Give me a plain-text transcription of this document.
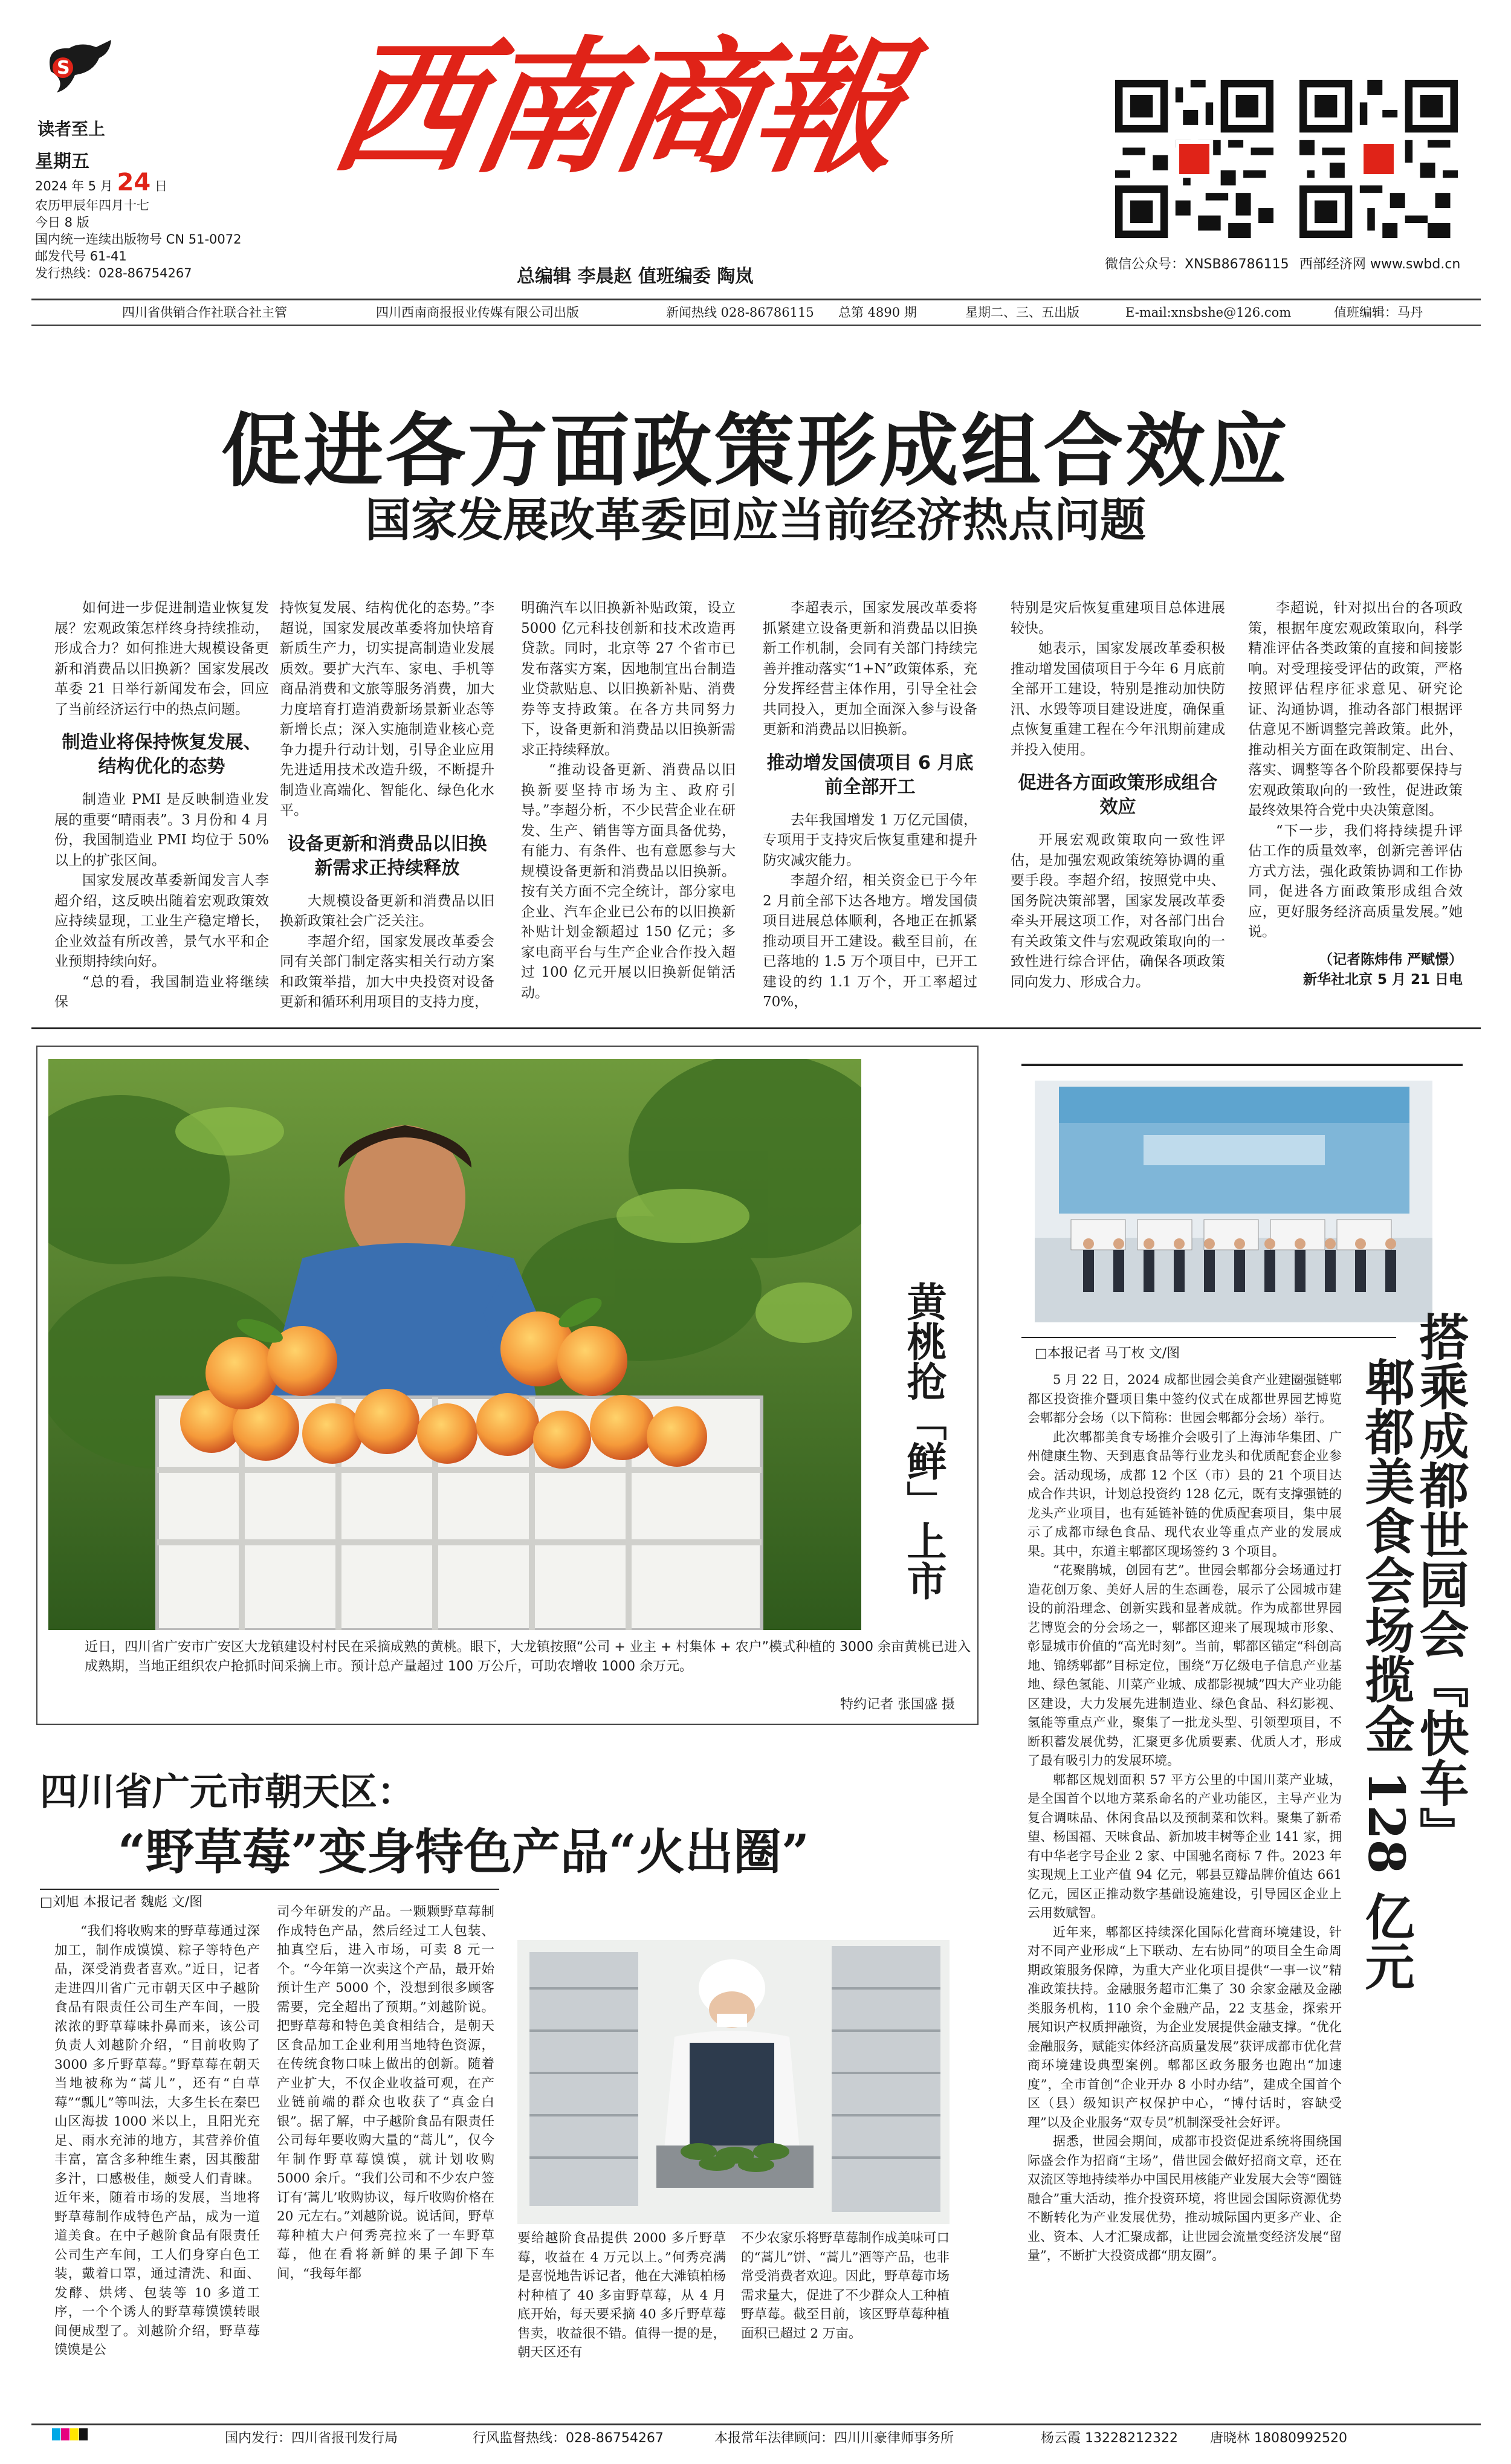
S
读者至上
星期五
2024 年 5 月 24 日
农历甲辰年四月十七
今日 8 版
国内统一连续出版物号 CN 51-0072
邮发代号 61-41
发行热线：028-86754267
西南商報
总编辑 李晨赵 值班编委 陶岚
微信公众号：XNSB86786115 西部经济网 www.swbd.cn
四川省供销合作社联合社主管	四川西南商报报业传媒有限公司出版	新闻热线 028-86786115 总第 4890 期	星期二、三、五出版	E-mail:xnsbshe@126.com	值班编辑：马丹
促进各方面政策形成组合效应
国家发展改革委回应当前经济热点问题

如何进一步促进制造业恢复发展？宏观政策怎样终身持续推动，形成合力？如何推进大规模设备更新和消费品以旧换新？国家发展改革委 21 日举行新闻发布会，回应了当前经济运行中的热点问题。

制造业将保持恢复发展、结构优化的态势

制造业 PMI 是反映制造业发展的重要“晴雨表”。3 月份和 4 月份，我国制造业 PMI 均位于 50% 以上的扩张区间。

国家发展改革委新闻发言人李超介绍，这反映出随着宏观政策效应持续显现，工业生产稳定增长，企业效益有所改善，景气水平和企业预期持续向好。

“总的看，我国制造业将继续保

持恢复发展、结构优化的态势。”李超说，国家发展改革委将加快培育新质生产力，切实提高制造业发展质效。要扩大汽车、家电、手机等商品消费和文旅等服务消费，加大力度培育打造消费新场景新业态等新增长点；深入实施制造业核心竞争力提升行动计划，引导企业应用先进适用技术改造升级，不断提升制造业高端化、智能化、绿色化水平。

设备更新和消费品以旧换新需求正持续释放

大规模设备更新和消费品以旧换新政策社会广泛关注。

李超介绍，国家发展改革委会同有关部门制定落实相关行动方案和政策举措，加大中央投资对设备更新和循环利用项目的支持力度，

明确汽车以旧换新补贴政策，设立 5000 亿元科技创新和技术改造再贷款。同时，北京等 27 个省市已发布落实方案，因地制宜出台制造业贷款贴息、以旧换新补贴、消费券等支持政策。在各方共同努力下，设备更新和消费品以旧换新需求正持续释放。

“推动设备更新、消费品以旧换新要坚持市场为主、政府引导。”李超分析，不少民营企业在研发、生产、销售等方面具备优势，有能力、有条件、也有意愿参与大规模设备更新和消费品以旧换新。按有关方面不完全统计，部分家电企业、汽车企业已公布的以旧换新补贴计划金额超过 150 亿元；多家电商平台与生产企业合作投入超过 100 亿元开展以旧换新促销活动。

李超表示，国家发展改革委将抓紧建立设备更新和消费品以旧换新工作机制，会同有关部门持续完善并推动落实“1+N”政策体系，充分发挥经营主体作用，引导全社会共同投入，更加全面深入参与设备更新和消费品以旧换新。

推动增发国债项目 6 月底前全部开工

去年我国增发 1 万亿元国债，专项用于支持灾后恢复重建和提升防灾减灾能力。

李超介绍，相关资金已于今年 2 月前全部下达各地方。增发国债项目进展总体顺利，各地正在抓紧推动项目开工建设。截至目前，在已落地的 1.5 万个项目中，已开工建设的约 1.1 万个，开工率超过 70%，

特别是灾后恢复重建项目总体进展较快。

她表示，国家发展改革委积极推动增发国债项目于今年 6 月底前全部开工建设，特别是推动加快防汛、水毁等项目建设进度，确保重点恢复重建工程在今年汛期前建成并投入使用。

促进各方面政策形成组合效应

开展宏观政策取向一致性评估，是加强宏观政策统筹协调的重要手段。李超介绍，按照党中央、国务院决策部署，国家发展改革委牵头开展这项工作，对各部门出台有关政策文件与宏观政策取向的一致性进行综合评估，确保各项政策同向发力、形成合力。

李超说，针对拟出台的各项政策，根据年度宏观政策取向，科学精准评估各类政策的直接和间接影响。对受理接受评估的政策，严格按照评估程序征求意见、研究论证、沟通协调，推动各部门根据评估意见不断调整完善政策。此外，推动相关方面在政策制定、出台、落实、调整等各个阶段都要保持与宏观政策取向的一致性，促进政策最终效果符合党中央决策意图。

“下一步，我们将持续提升评估工作的质量效率，创新完善评估方式方法，强化政策协调和工作协同，促进各方面政策形成组合效应，更好服务经济高质量发展。”她说。

（记者陈炜伟 严赋憬）
新华社北京 5 月 21 日电
黄桃抢「鲜」上市
近日，四川省广安市广安区大龙镇建设村村民在采摘成熟的黄桃。眼下，大龙镇按照“公司 + 业主 + 村集体 + 农户”模式种植的 3000 余亩黄桃已进入成熟期，当地正组织农户抢抓时间采摘上市。预计总产量超过 100 万公斤，可助农增收 1000 余万元。
特约记者 张国盛 摄
□本报记者 马丁枚 文/图	搭乘成都世园会『快车』
郫都美食会场揽金 128 亿元

5 月 22 日，2024 成都世园会美食产业建圈强链郫都区投资推介暨项目集中签约仪式在成都世界园艺博览会郫都分会场（以下简称：世园会郫都分会场）举行。

此次郫都美食专场推介会吸引了上海沛华集团、广州健康生物、天到惠食品等行业龙头和优质配套企业参会。活动现场，成都 12 个区（市）县的 21 个项目达成合作共识，计划总投资约 128 亿元，既有支撑强链的龙头产业项目，也有延链补链的优质配套项目，集中展示了成都市绿色食品、现代农业等重点产业的发展成果。其中，东道主郫都区现场签约 3 个项目。

“花聚鹃城，创园有艺”。世园会郫都分会场通过打造花创万象、美好人居的生态画卷，展示了公园城市建设的前沿理念、创新实践和显著成就。作为成都世界园艺博览会的分会场之一，郫都区迎来了展现城市形象、彰显城市价值的“高光时刻”。当前，郫都区锚定“科创高地、锦绣郫都”目标定位，围绕“万亿级电子信息产业基地、绿色氢能、川菜产业城、成都影视城”四大产业功能区建设，大力发展先进制造业、绿色食品、科幻影视、氢能等重点产业，聚集了一批龙头型、引领型项目，不断积蓄发展优势，汇聚更多优质要素、优质人才，形成了最有吸引力的发展环境。

郫都区规划面积 57 平方公里的中国川菜产业城，是全国首个以地方菜系命名的产业功能区，主导产业为复合调味品、休闲食品以及预制菜和饮料。聚集了新希望、杨国福、天味食品、新加坡丰树等企业 141 家，拥有中华老字号企业 2 家、中国驰名商标 7 件。2023 年实现规上工业产值 94 亿元，郫县豆瓣品牌价值达 661 亿元，园区正推动数字基础设施建设，引导园区企业上云用数赋智。

近年来，郫都区持续深化国际化营商环境建设，针对不同产业形成“上下联动、左右协同”的项目全生命周期政策服务保障，为重大产业化项目提供“一事一议”精准政策扶持。金融服务超市汇集了 30 余家金融及金融类服务机构，110 余个金融产品，22 支基金，探索开展知识产权质押融资，为企业发展提供金融支撑。“优化金融服务，赋能实体经济高质量发展”获评成都市优化营商环境建设典型案例。郫都区政务服务也跑出“加速度”，全市首创“企业开办 8 小时办结”，建成全国首个区（县）级知识产权保护中心，“博付话时，容缺受理”以及企业服务“双专员”机制深受社会好评。

据悉，世园会期间，成都市投资促进系统将围绕国际盛会作为招商“主场”，借世园会做好招商文章，还在双流区等地持续举办中国民用核能产业发展大会等“圈链融合”重大活动，推介投资环境，将世园会国际资源优势不断转化为产业发展优势，推动城际国内更多产业、企业、资本、人才汇聚成都，让世园会流量变经济发展“留量”，不断扩大投资成都“朋友圈”。

四川省广元市朝天区：
“野草莓”变身特色产品“火出圈”
□刘旭 本报记者 魏彪 文/图

“我们将收购来的野草莓通过深加工，制作成馍馍、粽子等特色产品，深受消费者喜欢。”近日，记者走进四川省广元市朝天区中子越阶食品有限责任公司生产车间，一股浓浓的野草莓味扑鼻而来，该公司负责人刘越阶介绍，“目前收购了 3000 多斤野草莓。”野草莓在朝天当地被称为“蒿儿”，还有“白草莓”“瓢儿”等叫法，大多生长在秦巴山区海拔 1000 米以上，且阳光充足、雨水充沛的地方，其营养价值丰富，富含多种维生素，因其酸甜多汁，口感极佳，颇受人们青睐。近年来，随着市场的发展，当地将野草莓制作成特色产品，成为一道道美食。在中子越阶食品有限责任公司生产车间，工人们身穿白色工装，戴着口罩，通过清洗、和面、发酵、烘烤、包装等 10 多道工序，一个个诱人的野草莓馍馍转眼间便成型了。刘越阶介绍，野草莓馍馍是公

司今年研发的产品。一颗颗野草莓制作成特色产品，然后经过工人包装、抽真空后，进入市场，可卖 8 元一个。“今年第一次卖这个产品，最开始预计生产 5000 个，没想到很多顾客需要，完全超出了预期。”刘越阶说。把野草莓和特色美食相结合，是朝天区食品加工企业利用当地特色资源，在传统食物口味上做出的创新。随着产业扩大，不仅企业收益可观，在产业链前端的群众也收获了“真金白银”。据了解，中子越阶食品有限责任公司每年要收购大量的“蒿儿”，仅今年制作野草莓馍馍，就计划收购 5000 余斤。“我们公司和不少农户签订有‘蒿儿’收购协议，每斤收购价格在 20 元左右。”刘越阶说。说话间，野草莓种植大户何秀亮拉来了一车野草莓，他在看将新鲜的果子卸下车间，“我每年都

要给越阶食品提供 2000 多斤野草莓，收益在 4 万元以上。”何秀亮满是喜悦地告诉记者，他在大滩镇柏杨村种植了 40 多亩野草莓，从 4 月底开始，每天要采摘 40 多斤野草莓售卖，收益很不错。值得一提的是，朝天区还有

不少农家乐将野草莓制作成美味可口的“蒿儿”饼、“蒿儿”酒等产品，也非常受消费者欢迎。因此，野草莓市场需求量大，促进了不少群众人工种植野草莓。截至目前，该区野草莓种植面积已超过 2 万亩。

国内发行：四川省报刊发行局	行风监督热线：028-86754267	本报常年法律顾问：四川川豪律师事务所	杨云霞 13228212322 唐晓林 18080992520
